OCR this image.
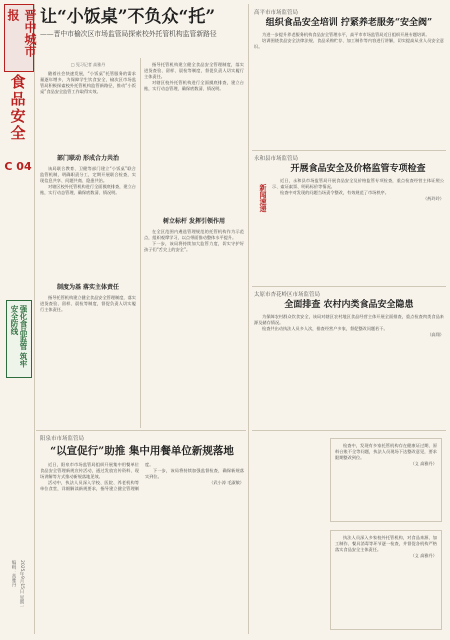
晋中城市报
食品安全
C 04
强化食品监管 筑牢安全防线
编辑：高雅丹 2025年9月15日 星期一
让“小饭桌”不负众“托”
——晋中市榆次区市场监管局探索校外托管机构监管新路径
□ 见习记者 高雅丹

随着社会快速发展，“小饭桌”托管服务的需求量逐年增多，为保障学生饮食安全，榆次区市场监管局积极探索校外托管机构监管新路径，推动“小饭桌”食品安全监管工作取得实效。

部门联动 形成合力共治

该局联合教育、卫健等部门建立“小饭桌”联合监管机制，明确职责分工，定期开展联合检查，实现信息共享、问题共商、隐患共治。

对辖区校外托管机构进行全面摸底排查，建立台账，实行动态管理，确保底数清、情况明。

制度为基 落实主体责任

指导托管机构建立健全食品安全管理制度，落实进货查验、留样、晨检等制度，督促负责人切实履行主体责任。

指导托管机构建立健全食品安全管理制度，落实进货查验、留样、晨检等制度，督促负责人切实履行主体责任。

对辖区校外托管机构进行全面摸底排查，建立台账，实行动态管理，确保底数清、情况明。

树立标杆 发挥引领作用

在全区范围内遴选管理规范的托管机构作为示范点，组织观摩学习，以点带面推动整体水平提升。

下一步，该局将持续加大监管力度，切实守护好孩子们“舌尖上的安全”。

阳泉市市场监管局
“以宣促行”助推 集中用餐单位新规落地

近日，阳泉市市场监管局组织开展集中用餐单位食品安全管理新规宣传活动，通过发放宣传资料、现场讲解等方式推动新规落地见效。

活动中，执法人员深入学校、医院、养老机构等单位食堂，详细解读新规要求，指导建立健全管理制度。

下一步，该局将持续加强监督检查，确保新规落实到位。

（武小涛 毛淑敏）

高平市市场监管局
组织食品安全培训 拧紧养老服务“安全阀”

为进一步提升养老服务机构食品安全管理水平，高平市市场监管局近日组织开展专题培训。

培训围绕食品安全法律法规、食品采购贮存、加工制作等内容进行讲解，切实提高从业人员安全意识。

永和县市场监管局
开展食品安全及价格监管专项检查
新闻速递

近日，永和县市场监管局开展食品安全及价格监管专项检查，重点检查经营主体证照公示、索证索票、明码标价等情况。

检查中对发现的问题当场责令整改，有效规范了市场秩序。

（药玲玲）

太原市杏花岭区市场监管局
全面排查 农村内类食品安全隐患

为保障农村群众饮食安全，该局对辖区农村地区食品经营主体开展全面排查，重点检查肉类食品来源及储存情况。

检查共出动执法人员多人次，排查经营户多家，督促整改问题若干。

（高翔）

检查中，发现有多家托管机构存在健康证过期、原料台账不全等问题，执法人员现场下达整改意见，要求限期整改到位。

（义 高雅丹）

执法人员深入多家校外托管机构，对食品来源、加工制作、餐具消毒等环节逐一检查，并督促各机构严格落实食品安全主体责任。

（义 高雅丹）
